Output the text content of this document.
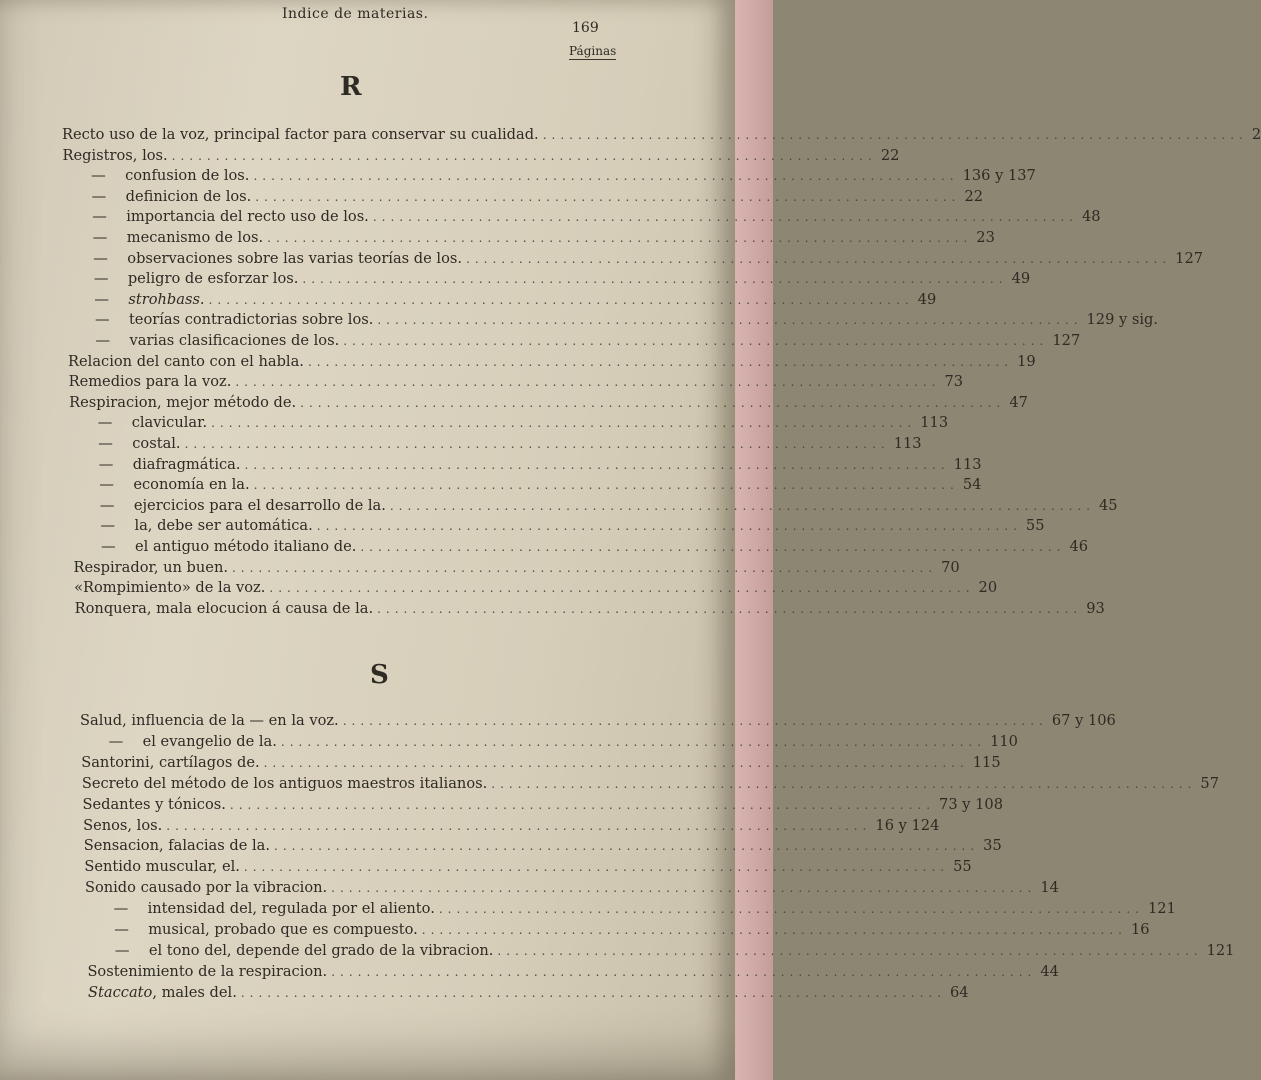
Indice de materias.
169
Páginas
R
S
Recto uso de la voz, principal factor para conservar su cualidad. ................................................................................ 2
Registros, los. ................................................................................ 22
—	confusion de los. ................................................................................ 136 y 137
—	definicion de los. ................................................................................ 22
—	importancia del recto uso de los. ................................................................................ 48
—	mecanismo de los. ................................................................................ 23
—	observaciones sobre las varias teorías de los. ................................................................................ 127
—	peligro de esforzar los. ................................................................................ 49
—	strohbass. ................................................................................ 49
—	teorías contradictorias sobre los. ................................................................................ 129 y sig.
—	varias clasificaciones de los. ................................................................................ 127
Relacion del canto con el habla. ................................................................................ 19
Remedios para la voz. ................................................................................ 73
Respiracion, mejor método de. ................................................................................ 47
—	clavicular. ................................................................................ 113
—	costal. ................................................................................ 113
—	diafragmática. ................................................................................ 113
—	economía en la. ................................................................................ 54
—	ejercicios para el desarrollo de la. ................................................................................ 45
—	la, debe ser automática. ................................................................................ 55
—	el antiguo método italiano de. ................................................................................ 46
Respirador, un buen. ................................................................................ 70
«Rompimiento» de la voz. ................................................................................ 20
Ronquera, mala elocucion á causa de la. ................................................................................ 93
Salud, influencia de la — en la voz. ................................................................................ 67 y 106
—	el evangelio de la. ................................................................................ 110
Santorini, cartílagos de. ................................................................................ 115
Secreto del método de los antiguos maestros italianos. ................................................................................ 57
Sedantes y tónicos. ................................................................................ 73 y 108
Senos, los. ................................................................................ 16 y 124
Sensacion, falacias de la. ................................................................................ 35
Sentido muscular, el. ................................................................................ 55
Sonido causado por la vibracion. ................................................................................ 14
—	intensidad del, regulada por el aliento. ................................................................................ 121
—	musical, probado que es compuesto. ................................................................................ 16
—	el tono del, depende del grado de la vibracion. ................................................................................ 121
Sostenimiento de la respiracion. ................................................................................ 44
Staccato, males del. ................................................................................ 64
